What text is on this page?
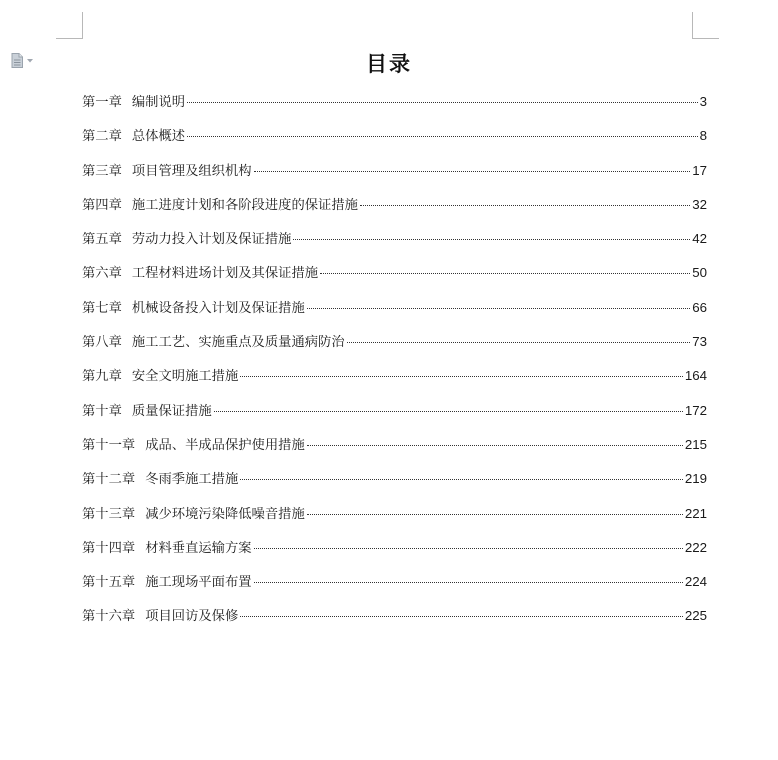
目录
第一章 编制说明	3
第二章 总体概述	8
第三章 项目管理及组织机构	17
第四章 施工进度计划和各阶段进度的保证措施	32
第五章 劳动力投入计划及保证措施	42
第六章 工程材料进场计划及其保证措施	50
第七章 机械设备投入计划及保证措施	66
第八章 施工工艺、实施重点及质量通病防治	73
第九章 安全文明施工措施	164
第十章 质量保证措施	172
第十一章 成品、半成品保护使用措施	215
第十二章 冬雨季施工措施	219
第十三章 减少环境污染降低噪音措施	221
第十四章 材料垂直运输方案	222
第十五章 施工现场平面布置	224
第十六章 项目回访及保修	225
